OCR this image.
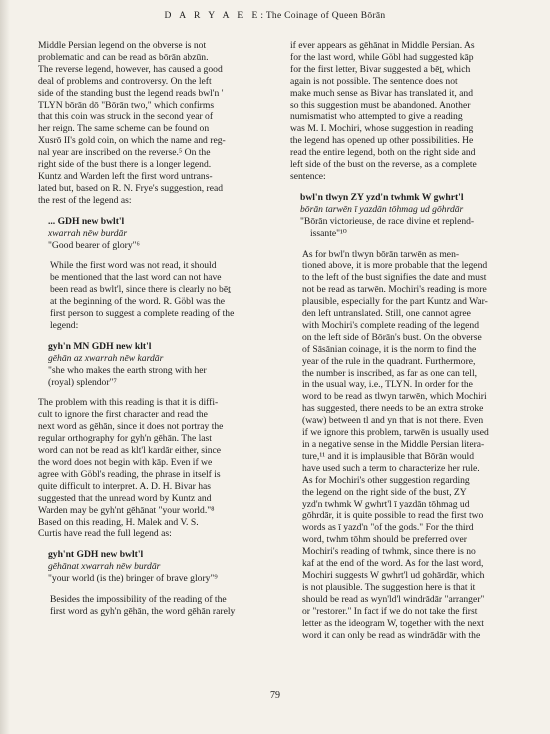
D A R Y A E E: The Coinage of Queen Bōrān

Middle Persian legend on the obverse is not

problematic and can be read as bōrān abzūn.

The reverse legend, however, has caused a good

deal of problems and controversy. On the left

side of the standing bust the legend reads bwl'n '

TLYN bōrān dō "Bōrān two," which confirms

that this coin was struck in the second year of

her reign. The same scheme can be found on

Xusrō II's gold coin, on which the name and reg-

nal year are inscribed on the reverse.⁵ On the

right side of the bust there is a longer legend.

Kuntz and Warden left the first word untrans-

lated but, based on R. N. Frye's suggestion, read

the rest of the legend as:

... GDH new bwlt'l

xwarrah nēw burdār

"Good bearer of glory"⁶

While the first word was not read, it should

be mentioned that the last word can not have

been read as bwlt'l, since there is clearly no bēṯ

at the beginning of the word. R. Göbl was the

first person to suggest a complete reading of the

legend:

gyh'n MN GDH new klt'l

gēhān az xwarrah nēw kardār

"she who makes the earth strong with her

(royal) splendor"⁷

The problem with this reading is that it is diffi-

cult to ignore the first character and read the

next word as gēhān, since it does not portray the

regular orthography for gyh'n gēhān. The last

word can not be read as klt'l kardār either, since

the word does not begin with kāp. Even if we

agree with Göbl's reading, the phrase in itself is

quite difficult to interpret. A. D. H. Bivar has

suggested that the unread word by Kuntz and

Warden may be gyh'nt gēhānat "your world."⁸

Based on this reading, H. Malek and V. S.

Curtis have read the full legend as:

gyh'nt GDH new bwlt'l

gēhānat xwarrah nēw burdār

"your world (is the) bringer of brave glory"⁹

Besides the impossibility of the reading of the

first word as gyh'n gēhān, the word gēhān rarely

if ever appears as gēhānat in Middle Persian. As

for the last word, while Göbl had suggested kāp

for the first letter, Bivar suggested a bēṯ, which

again is not possible. The sentence does not

make much sense as Bivar has translated it, and

so this suggestion must be abandoned. Another

numismatist who attempted to give a reading

was M. I. Mochiri, whose suggestion in reading

the legend has opened up other possibilities. He

read the entire legend, both on the right side and

left side of the bust on the reverse, as a complete

sentence:

bwl'n tlwyn ZY yzd'n twhmk W gwhrt'l

bōrān tarwēn ī yazdān tōhmag ud gōhrdār

"Bōrān victorieuse, de race divine et replend-

issante"¹⁰

As for bwl'n tlwyn bōrān tarwēn as men-

tioned above, it is more probable that the legend

to the left of the bust signifies the date and must

not be read as tarwēn. Mochiri's reading is more

plausible, especially for the part Kuntz and War-

den left untranslated. Still, one cannot agree

with Mochiri's complete reading of the legend

on the left side of Bōrān's bust. On the obverse

of Sāsānian coinage, it is the norm to find the

year of the rule in the quadrant. Furthermore,

the number is inscribed, as far as one can tell,

in the usual way, i.e., TLYN. In order for the

word to be read as tlwyn tarwēn, which Mochiri

has suggested, there needs to be an extra stroke

(waw) between tl and yn that is not there. Even

if we ignore this problem, tarwēn is usually used

in a negative sense in the Middle Persian litera-

ture,¹¹ and it is implausible that Bōrān would

have used such a term to characterize her rule.

As for Mochiri's other suggestion regarding

the legend on the right side of the bust, ZY

yzd'n twhmk W gwhrt'l ī yazdān tōhmag ud

gōhrdār, it is quite possible to read the first two

words as ī yazd'n "of the gods." For the third

word, twhm tōhm should be preferred over

Mochiri's reading of twhmk, since there is no

kaf at the end of the word. As for the last word,

Mochiri suggests W gwhrt'l ud gohārdār, which

is not plausible. The suggestion here is that it

should be read as wyn'ld'l windrādār "arranger"

or "restorer." In fact if we do not take the first

letter as the ideogram W, together with the next

word it can only be read as windrādār with the

79
